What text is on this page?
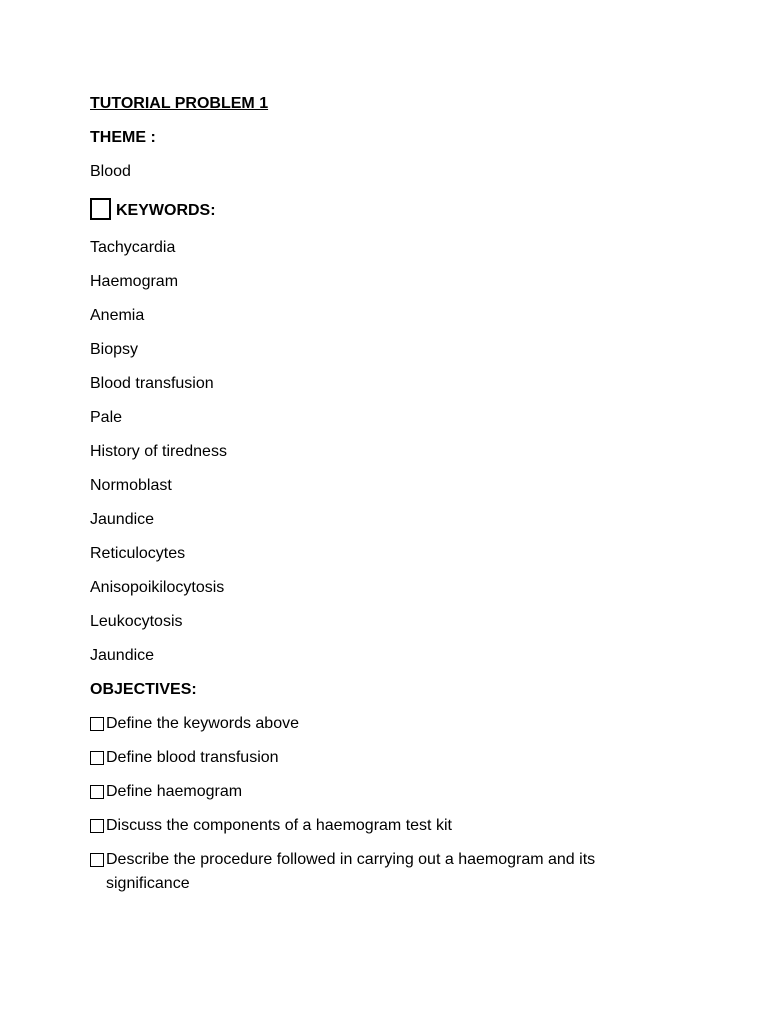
TUTORIAL PROBLEM 1
THEME :
Blood
KEYWORDS:
Tachycardia
Haemogram
Anemia
Biopsy
Blood transfusion
Pale
History of tiredness
Normoblast
Jaundice
Reticulocytes
Anisopoikilocytosis
Leukocytosis
Jaundice
OBJECTIVES:
Define the keywords above
Define blood transfusion
Define haemogram
Discuss the components of a haemogram test kit
Describe the procedure followed in carrying out a haemogram and its significance
